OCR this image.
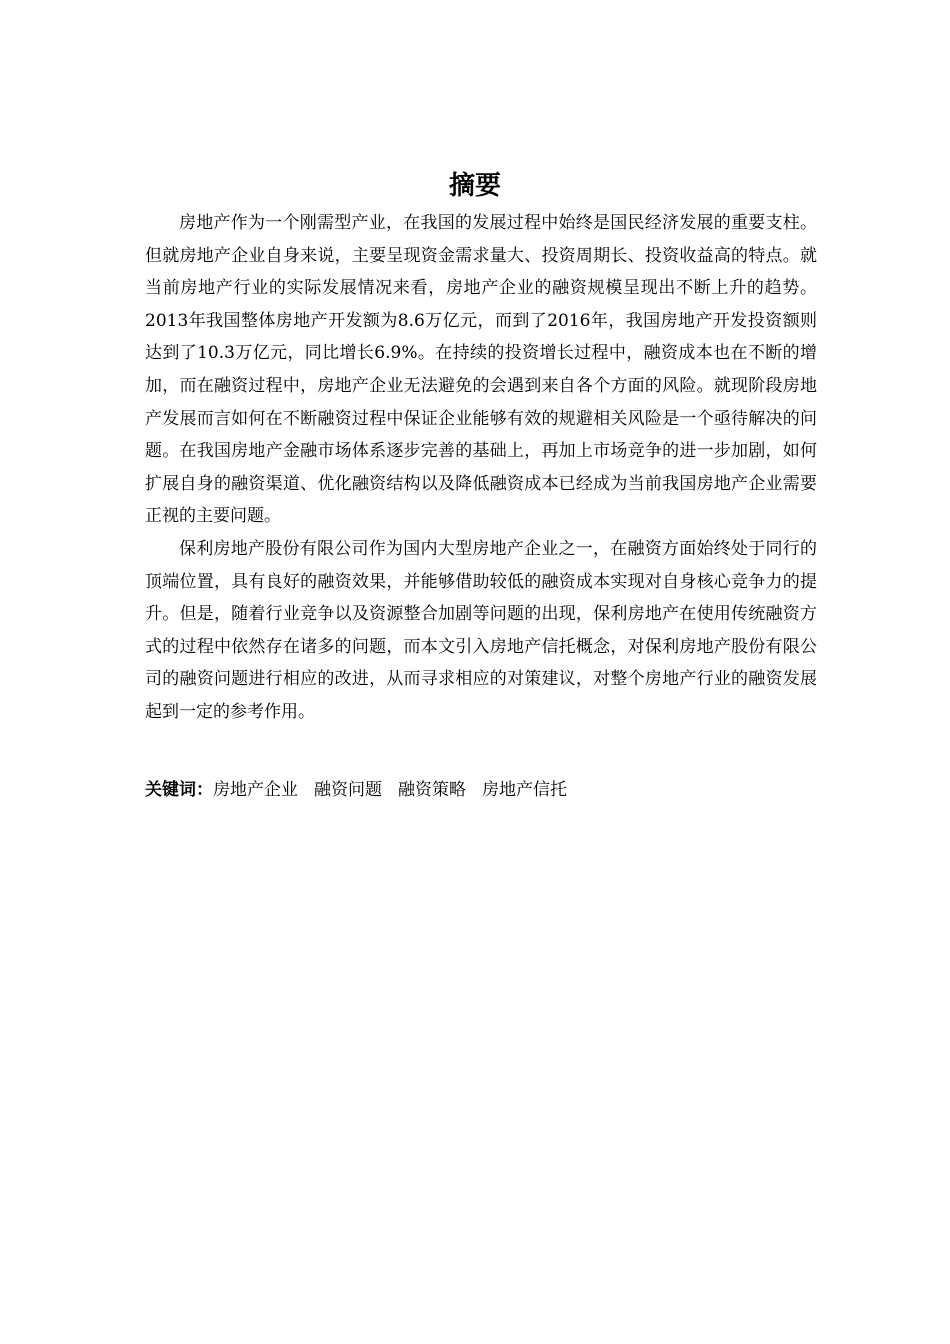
摘要

房地产作为一个刚需型产业，在我国的发展过程中始终是国民经济发展的重要支柱。但就房地产企业自身来说，主要呈现资金需求量大、投资周期长、投资收益高的特点。就当前房地产行业的实际发展情况来看，房地产企业的融资规模呈现出不断上升的趋势。2013年我国整体房地产开发额为8.6万亿元，而到了2016年，我国房地产开发投资额则达到了10.3万亿元，同比增长6.9%。在持续的投资增长过程中，融资成本也在不断的增加，而在融资过程中，房地产企业无法避免的会遇到来自各个方面的风险。就现阶段房地产发展而言如何在不断融资过程中保证企业能够有效的规避相关风险是一个亟待解决的问题。在我国房地产金融市场体系逐步完善的基础上，再加上市场竞争的进一步加剧，如何扩展自身的融资渠道、优化融资结构以及降低融资成本已经成为当前我国房地产企业需要正视的主要问题。

保利房地产股份有限公司作为国内大型房地产企业之一，在融资方面始终处于同行的顶端位置，具有良好的融资效果，并能够借助较低的融资成本实现对自身核心竞争力的提升。但是，随着行业竞争以及资源整合加剧等问题的出现，保利房地产在使用传统融资方式的过程中依然存在诸多的问题，而本文引入房地产信托概念，对保利房地产股份有限公司的融资问题进行相应的改进，从而寻求相应的对策建议，对整个房地产行业的融资发展起到一定的参考作用。

关键词：房地产企业 融资问题 融资策略 房地产信托
